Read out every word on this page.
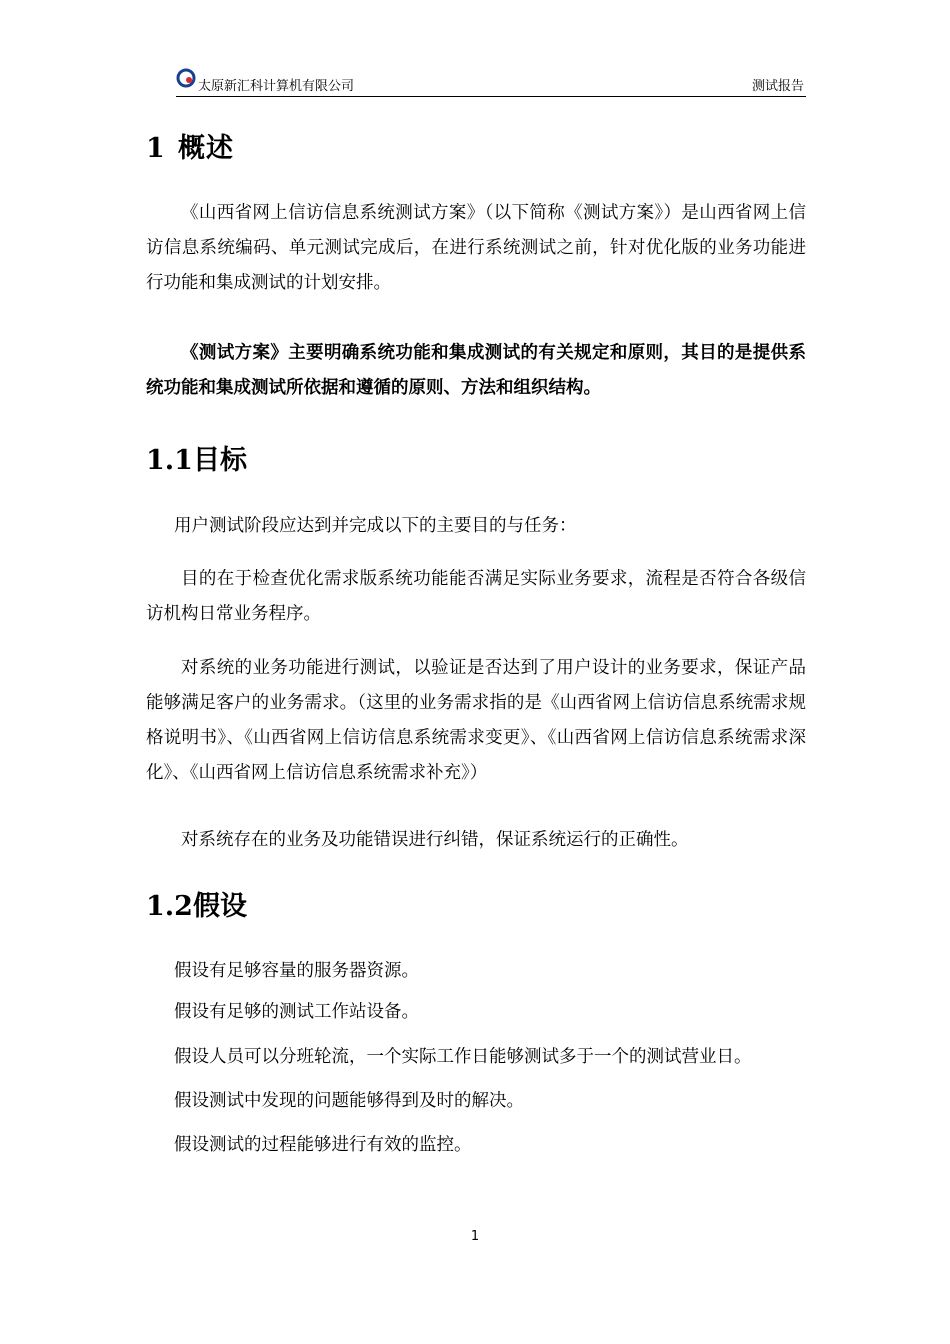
太原新汇科计算机有限公司	测试报告
1 概述
《山西省网上信访信息系统测试方案》（以下简称《测试方案》）是山西省网上信访信息系统编码、单元测试完成后，在进行系统测试之前，针对优化版的业务功能进行功能和集成测试的计划安排。
《测试方案》主要明确系统功能和集成测试的有关规定和原则，其目的是提供系统功能和集成测试所依据和遵循的原则、方法和组织结构。
1.1目标
用户测试阶段应达到并完成以下的主要目的与任务：
目的在于检查优化需求版系统功能能否满足实际业务要求，流程是否符合各级信访机构日常业务程序。
对系统的业务功能进行测试，以验证是否达到了用户设计的业务要求，保证产品能够满足客户的业务需求。（这里的业务需求指的是《山西省网上信访信息系统需求规格说明书》、《山西省网上信访信息系统需求变更》、《山西省网上信访信息系统需求深化》、《山西省网上信访信息系统需求补充》）
对系统存在的业务及功能错误进行纠错，保证系统运行的正确性。
1.2假设
假设有足够容量的服务器资源。
假设有足够的测试工作站设备。
假设人员可以分班轮流，一个实际工作日能够测试多于一个的测试营业日。
假设测试中发现的问题能够得到及时的解决。
假设测试的过程能够进行有效的监控。
1
